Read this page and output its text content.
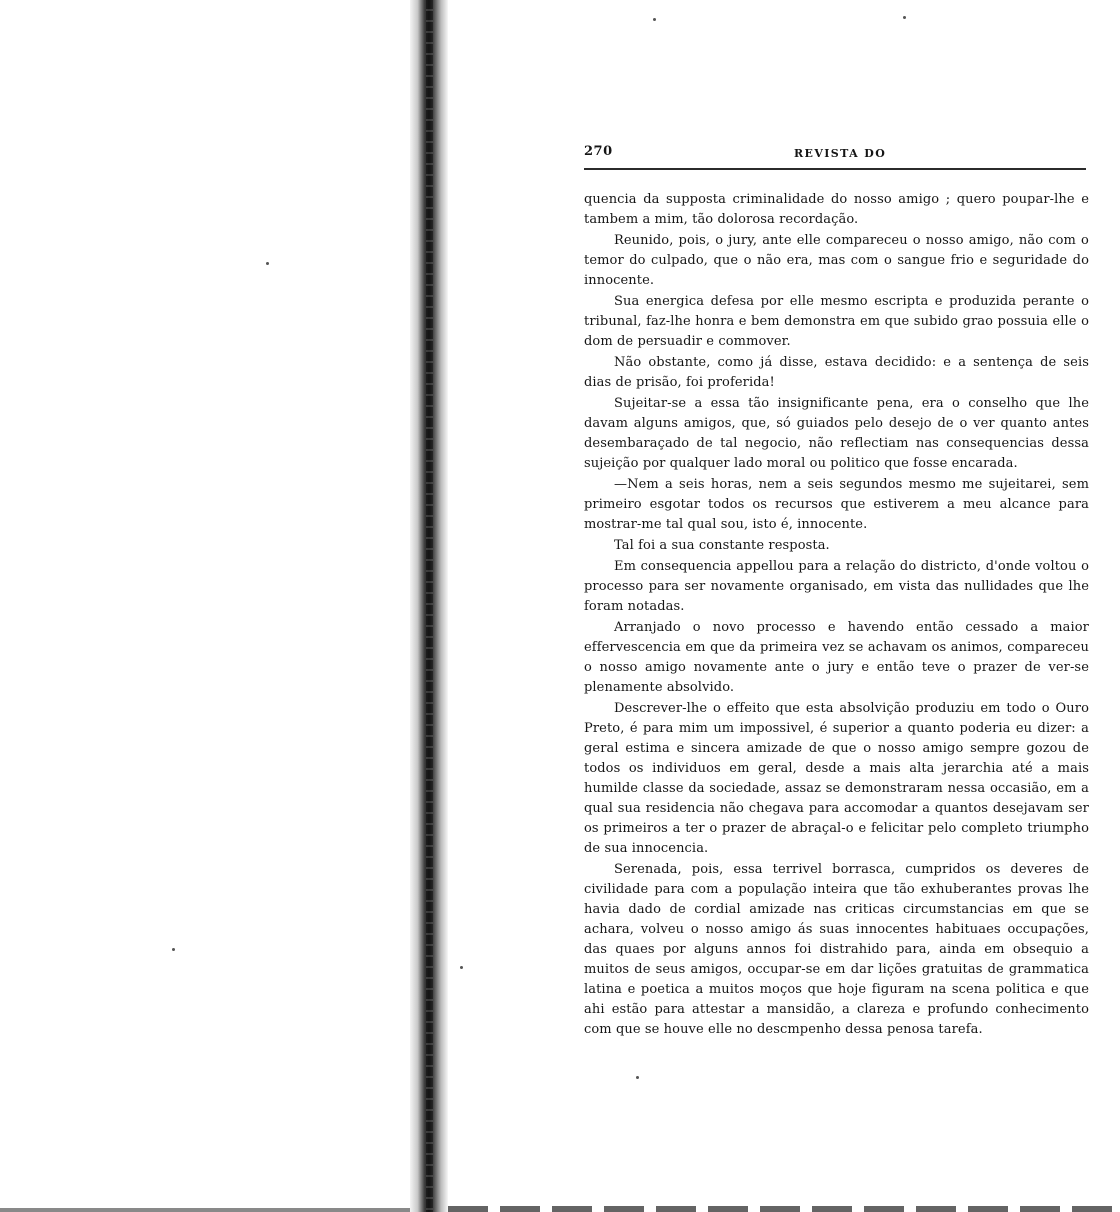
270	REVISTA DO

quencia da supposta criminalidade do nosso amigo ; quero poupar-lhe e tambem a mim, tão dolorosa recordação.

Reunido, pois, o jury, ante elle compareceu o nosso amigo, não com o temor do culpado, que o não era, mas com o sangue frio e seguridade do innocente.

Sua energica defesa por elle mesmo escripta e produzida perante o tribunal, faz-lhe honra e bem demonstra em que subido grao possuia elle o dom de persuadir e commover.

Não obstante, como já disse, estava decidido: e a sentença de seis dias de prisão, foi proferida!

Sujeitar-se a essa tão insignificante pena, era o conselho que lhe davam alguns amigos, que, só guiados pelo desejo de o ver quanto antes desembaraçado de tal negocio, não reflectiam nas consequencias dessa sujeição por qualquer lado moral ou politico que fosse encarada.

—Nem a seis horas, nem a seis segundos mesmo me sujeitarei, sem primeiro esgotar todos os recursos que estiverem a meu alcance para mostrar-me tal qual sou, isto é, innocente.

Tal foi a sua constante resposta.

Em consequencia appellou para a relação do districto, d'onde voltou o processo para ser novamente organisado, em vista das nullidades que lhe foram notadas.

Arranjado o novo processo e havendo então cessado a maior effervescencia em que da primeira vez se achavam os animos, compareceu o nosso amigo novamente ante o jury e então teve o prazer de ver-se plenamente absolvido.

Descrever-lhe o effeito que esta absolvição produziu em todo o Ouro Preto, é para mim um impossivel, é superior a quanto poderia eu dizer: a geral estima e sincera amizade de que o nosso amigo sempre gozou de todos os individuos em geral, desde a mais alta jerarchia até a mais humilde classe da sociedade, assaz se demonstraram nessa occasião, em a qual sua residencia não chegava para accomodar a quantos desejavam ser os primeiros a ter o prazer de abraçal-o e felicitar pelo completo triumpho de sua innocencia.

Serenada, pois, essa terrivel borrasca, cumpridos os deveres de civilidade para com a população inteira que tão exhuberantes provas lhe havia dado de cordial amizade nas criticas circumstancias em que se achara, volveu o nosso amigo ás suas innocentes habituaes occupações, das quaes por alguns annos foi distrahido para, ainda em obsequio a muitos de seus amigos, occupar-se em dar lições gratuitas de grammatica latina e poetica a muitos moços que hoje figuram na scena politica e que ahi estão para attestar a mansidão, a clareza e profundo conhecimento com que se houve elle no descmpenho dessa penosa tarefa.
